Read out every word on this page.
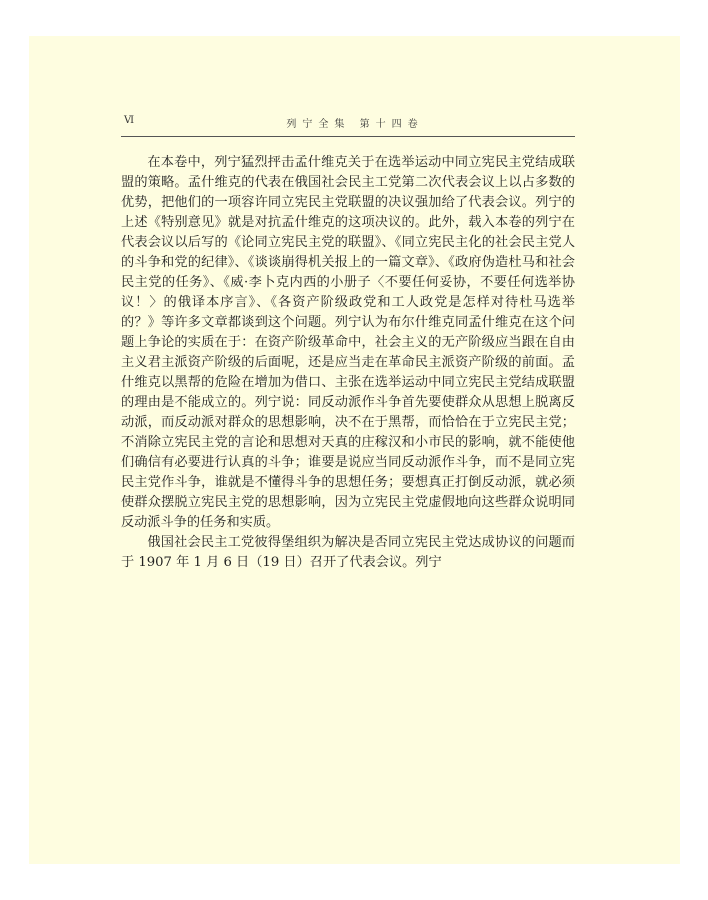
Ⅵ	列宁全集 第十四卷

在本卷中，列宁猛烈抨击孟什维克关于在选举运动中同立宪民主党结成联盟的策略。孟什维克的代表在俄国社会民主工党第二次代表会议上以占多数的优势，把他们的一项容许同立宪民主党联盟的决议强加给了代表会议。列宁的上述《特别意见》就是对抗孟什维克的这项决议的。此外，载入本卷的列宁在代表会议以后写的《论同立宪民主党的联盟》、《同立宪民主化的社会民主党人的斗争和党的纪律》、《谈谈崩得机关报上的一篇文章》、《政府伪造杜马和社会民主党的任务》、《威·李卜克内西的小册子〈不要任何妥协，不要任何选举协议！〉的俄译本序言》、《各资产阶级政党和工人政党是怎样对待杜马选举的？》等许多文章都谈到这个问题。列宁认为布尔什维克同孟什维克在这个问题上争论的实质在于：在资产阶级革命中，社会主义的无产阶级应当跟在自由主义君主派资产阶级的后面呢，还是应当走在革命民主派资产阶级的前面。孟什维克以黑帮的危险在增加为借口、主张在选举运动中同立宪民主党结成联盟的理由是不能成立的。列宁说：同反动派作斗争首先要使群众从思想上脱离反动派，而反动派对群众的思想影响，决不在于黑帮，而恰恰在于立宪民主党；不消除立宪民主党的言论和思想对天真的庄稼汉和小市民的影响，就不能使他们确信有必要进行认真的斗争；谁要是说应当同反动派作斗争，而不是同立宪民主党作斗争，谁就是不懂得斗争的思想任务；要想真正打倒反动派，就必须使群众摆脱立宪民主党的思想影响，因为立宪民主党虚假地向这些群众说明同反动派斗争的任务和实质。

俄国社会民主工党彼得堡组织为解决是否同立宪民主党达成协议的问题而于 1907 年 1 月 6 日（19 日）召开了代表会议。列宁
